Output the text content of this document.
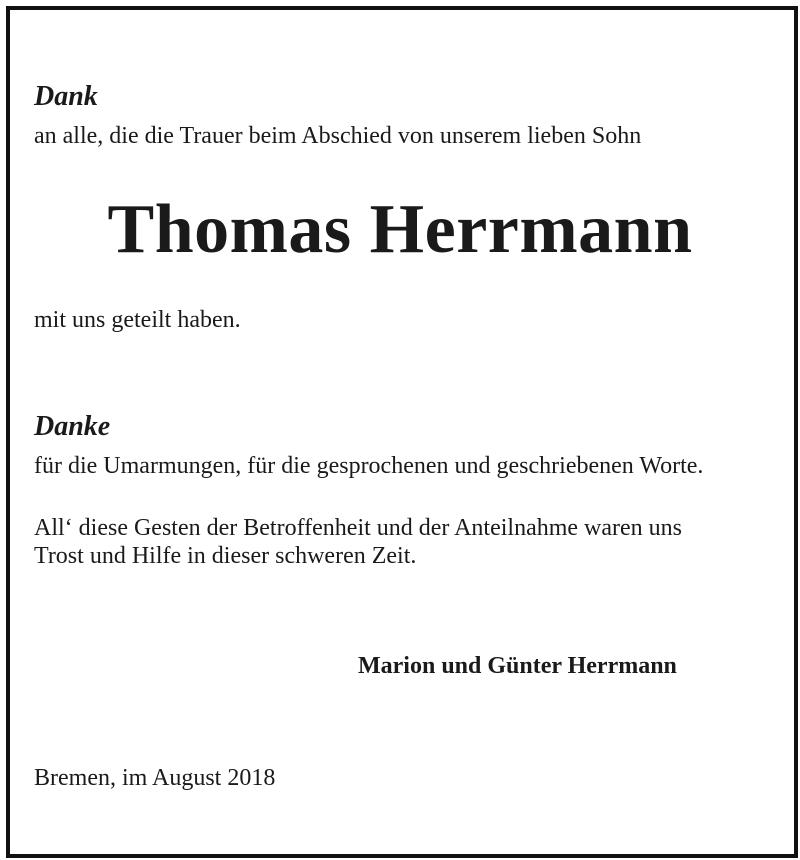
Dank

an alle, die die Trauer beim Abschied von unserem lieben Sohn

Thomas Herrmann

mit uns geteilt haben.

Danke

für die Umarmungen, für die gesprochenen und geschriebenen Worte.

All‘ diese Gesten der Betroffenheit und der Anteilnahme waren uns

Trost und Hilfe in dieser schweren Zeit.

Marion und Günter Herrmann

Bremen, im August 2018
